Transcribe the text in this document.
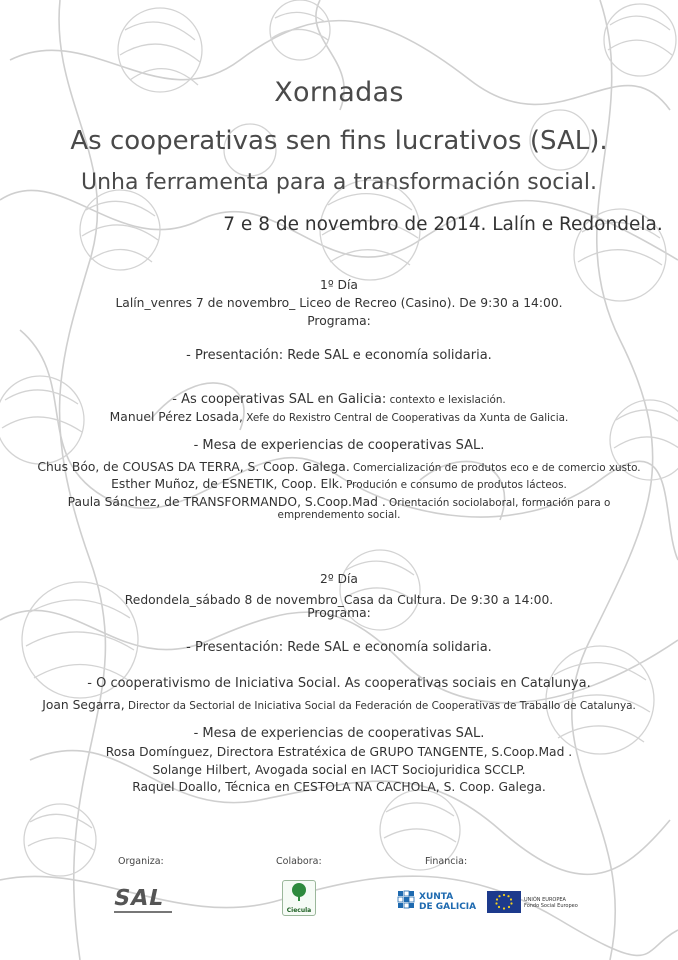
Xornadas
As cooperativas sen fins lucrativos (SAL).
Unha ferramenta para a transformación social.
7 e 8 de novembro de 2014. Lalín e Redondela.
1º Día
Lalín_venres 7 de novembro_ Liceo de Recreo (Casino). De 9:30 a 14:00.
Programa:
- Presentación: Rede SAL e economía solidaria.
- As cooperativas SAL en Galicia: contexto e lexislación.
Manuel Pérez Losada, Xefe do Rexistro Central de Cooperativas da Xunta de Galicia.
- Mesa de experiencias de cooperativas SAL.
Chus Bóo, de COUSAS DA TERRA, S. Coop. Galega. Comercialización de produtos eco e de comercio xusto.
Esther Muñoz, de ESNETIK, Coop. Elk. Produción e consumo de produtos lácteos.
Paula Sánchez, de TRANSFORMANDO, S.Coop.Mad . Orientación sociolaboral, formación para o
emprendemento social.
2º Día
Redondela_sábado 8 de novembro_Casa da Cultura. De 9:30 a 14:00.
Programa:
- Presentación: Rede SAL e economía solidaria.
- O cooperativismo de Iniciativa Social. As cooperativas sociais en Catalunya.
Joan Segarra, Director da Sectorial de Iniciativa Social da Federación de Cooperativas de Traballo de Catalunya.
- Mesa de experiencias de cooperativas SAL.
Rosa Domínguez, Directora Estratéxica de GRUPO TANGENTE, S.Coop.Mad .
Solange Hilbert, Avogada social en IACT Sociojuridica SCCLP.
Raquel Doallo, Técnica en CESTOLA NA CACHOLA, S. Coop. Galega.
Organiza:	Colabora:	Financia:
SAL	Ciecula
XUNTA
DE GALICIA
UNIÓN EUROPEA
Fondo Social Europeo
